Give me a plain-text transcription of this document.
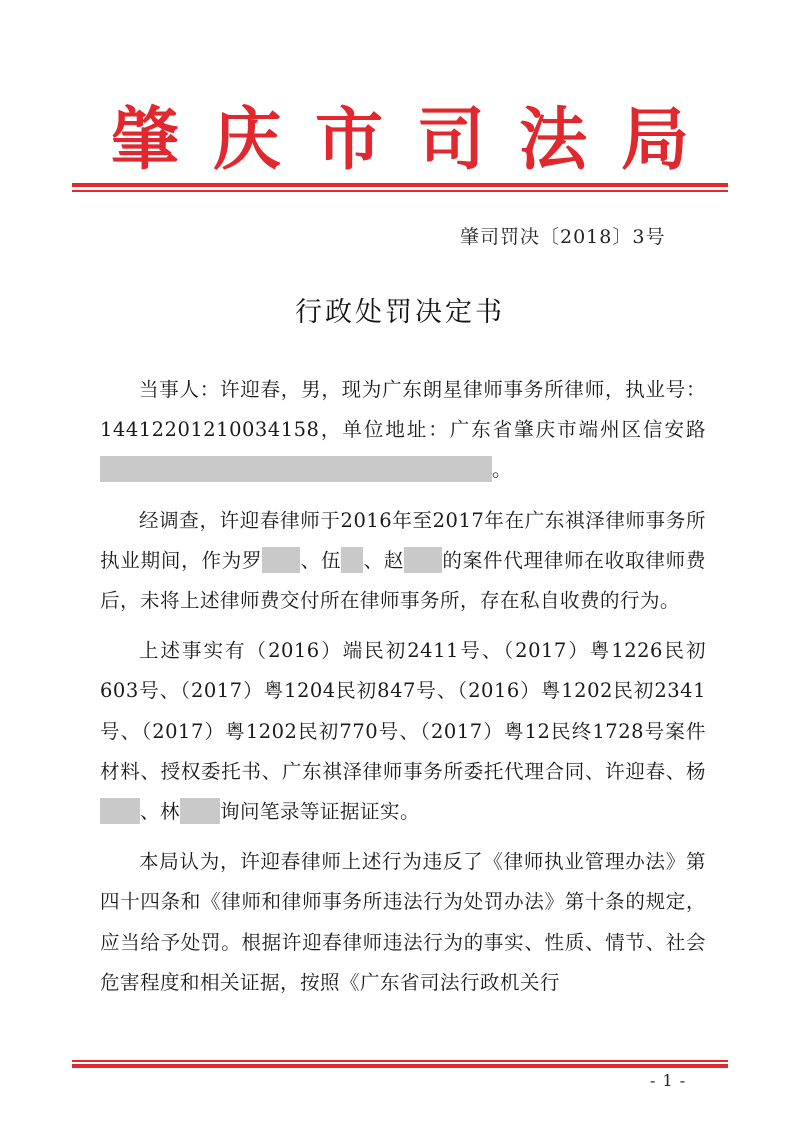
肇庆市司法局
肇司罚决〔2018〕3号
行政处罚决定书

当事人：许迎春，男，现为广东朗星律师事务所律师，执业号：14412201210034158，单位地址：广东省肇庆市端州区信安路。

经调查，许迎春律师于2016年至2017年在广东祺泽律师事务所执业期间，作为罗 、伍 、赵 的案件代理律师在收取律师费后，未将上述律师费交付所在律师事务所，存在私自收费的行为。

上述事实有（2016）端民初2411号、（2017）粤1226民初603号、（2017）粤1204民初847号、（2016）粤1202民初2341号、（2017）粤1202民初770号、（2017）粤12民终1728号案件材料、授权委托书、广东祺泽律师事务所委托代理合同、许迎春、杨、林 询问笔录等证据证实。

本局认为，许迎春律师上述行为违反了《律师执业管理办法》第四十四条和《律师和律师事务所违法行为处罚办法》第十条的规定，应当给予处罚。根据许迎春律师违法行为的事实、性质、情节、社会危害程度和相关证据，按照《广东省司法行政机关行

- 1 -
